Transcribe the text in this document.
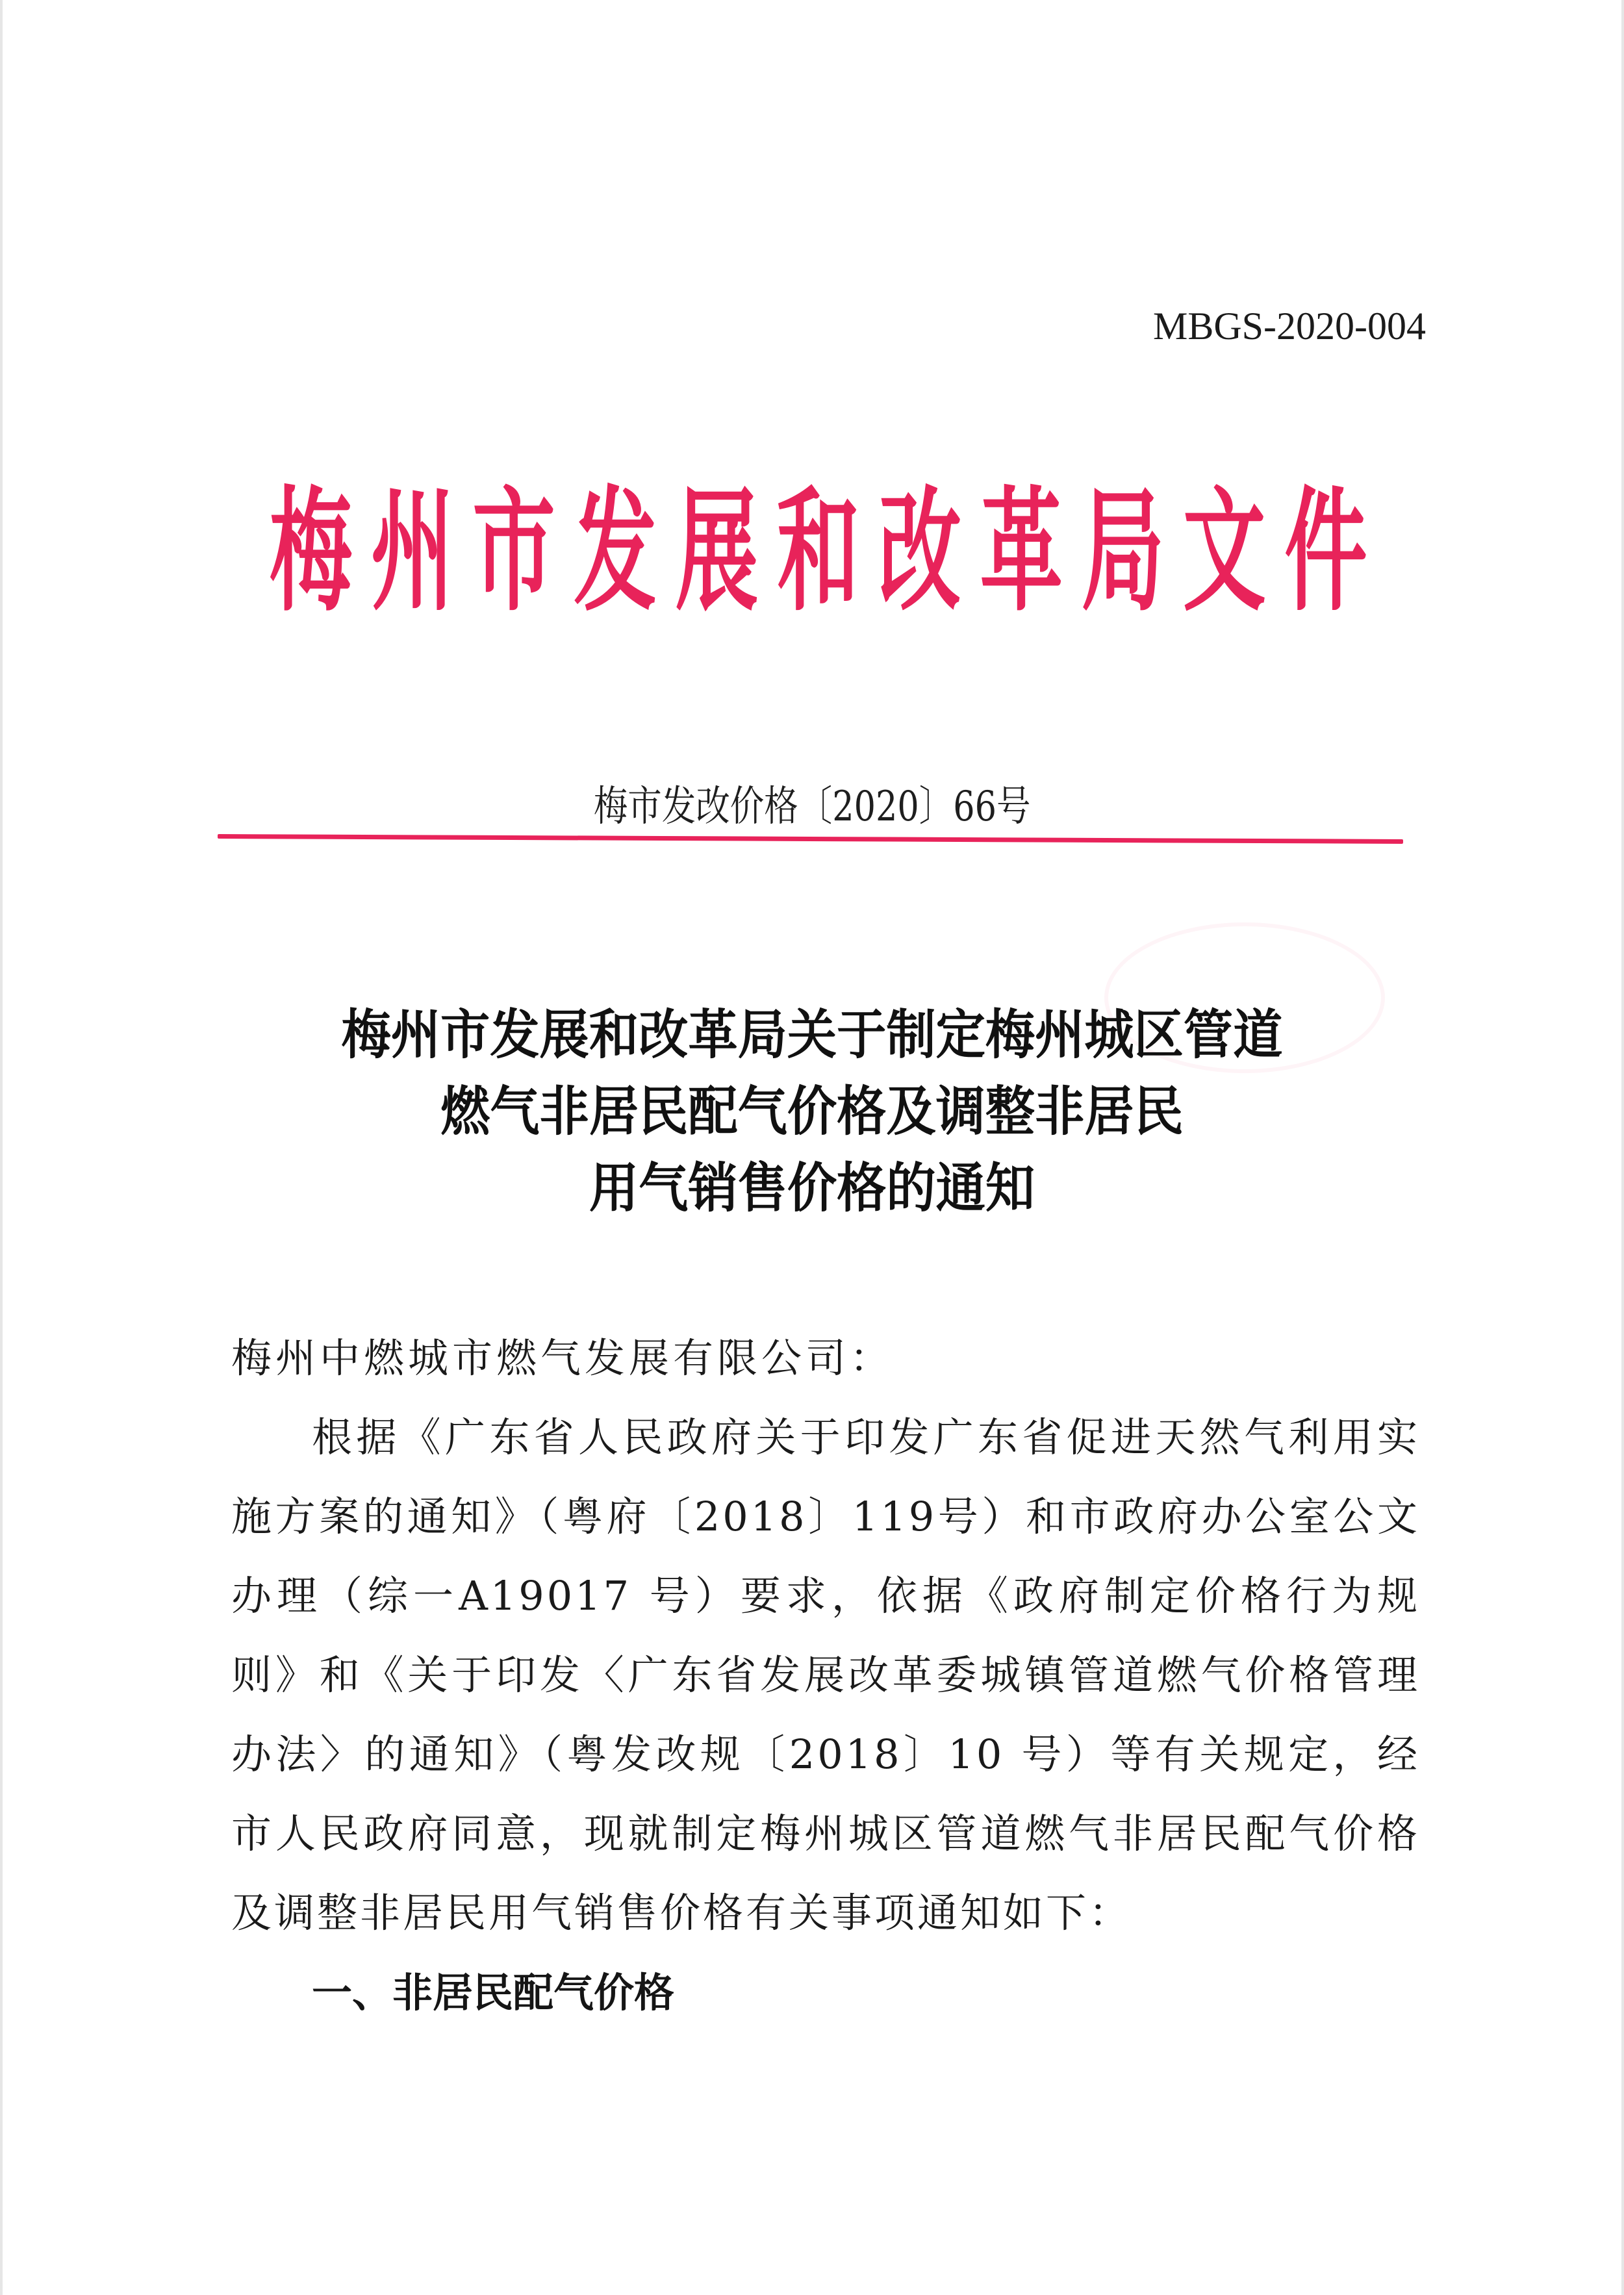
MBGS-2020-004
梅 州 市 发 展 和 改 革 局 文 件
梅市发改价格〔2020〕66号
梅州市发展和改革局关于制定梅州城区管道
燃气非居民配气价格及调整非居民
用气销售价格的通知
梅州中燃城市燃气发展有限公司：
根据《广东省人民政府关于印发广东省促进天然气利用实施方案的通知》（粤府〔2018〕119号）和市政府办公室公文办理（综一A19017 号）要求，依据《政府制定价格行为规则》和《关于印发〈广东省发展改革委城镇管道燃气价格管理办法〉的通知》（粤发改规〔2018〕10 号）等有关规定，经市人民政府同意，现就制定梅州城区管道燃气非居民配气价格及调整非居民用气销售价格有关事项通知如下：
一、非居民配气价格
